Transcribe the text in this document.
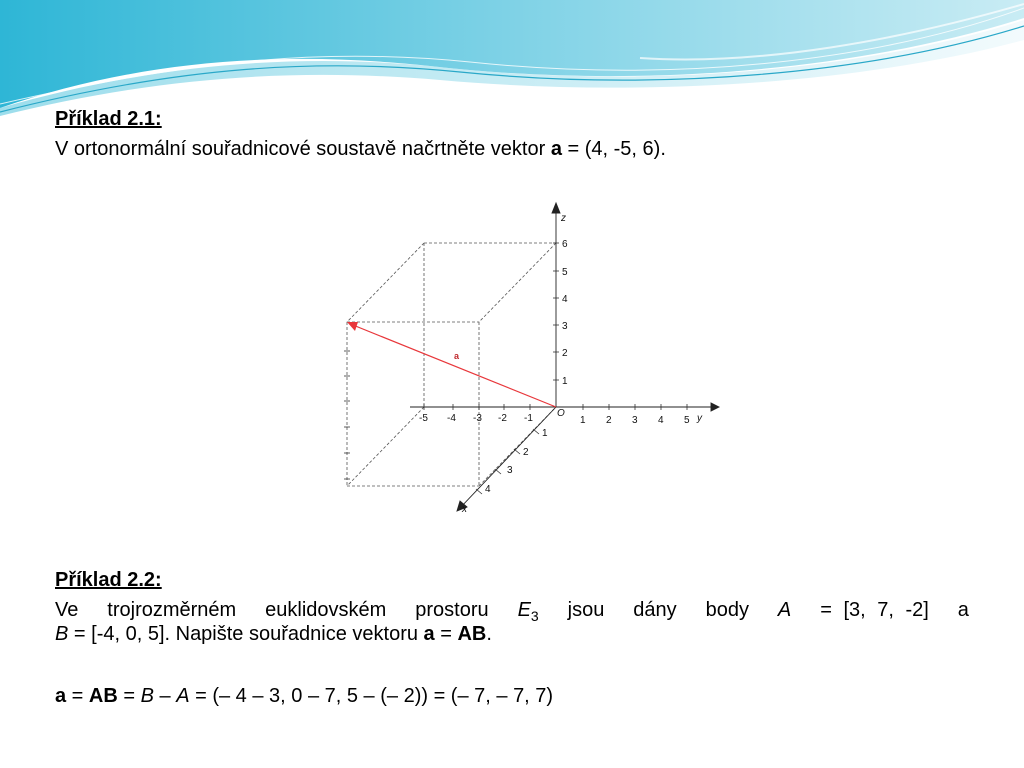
Příklad 2.1:
V ortonormální souřadnicové soustavě načrtněte vektor a = (4, -5, 6).
a
z
y
x
O
1
2
3
4
5
6
1 2 3 4 5
-1
-2
-3
-4
-5
1
2
3
4
Příklad 2.2:
Ve trojrozměrném euklidovském prostoru $E_3$ jsou dány body A = [3, 7, -2] a
B = [-4, 0, 5]. Napište souřadnice vektoru a = AB.
a = AB = B – A = (– 4 – 3, 0 – 7, 5 – (– 2)) = (– 7, – 7, 7)
